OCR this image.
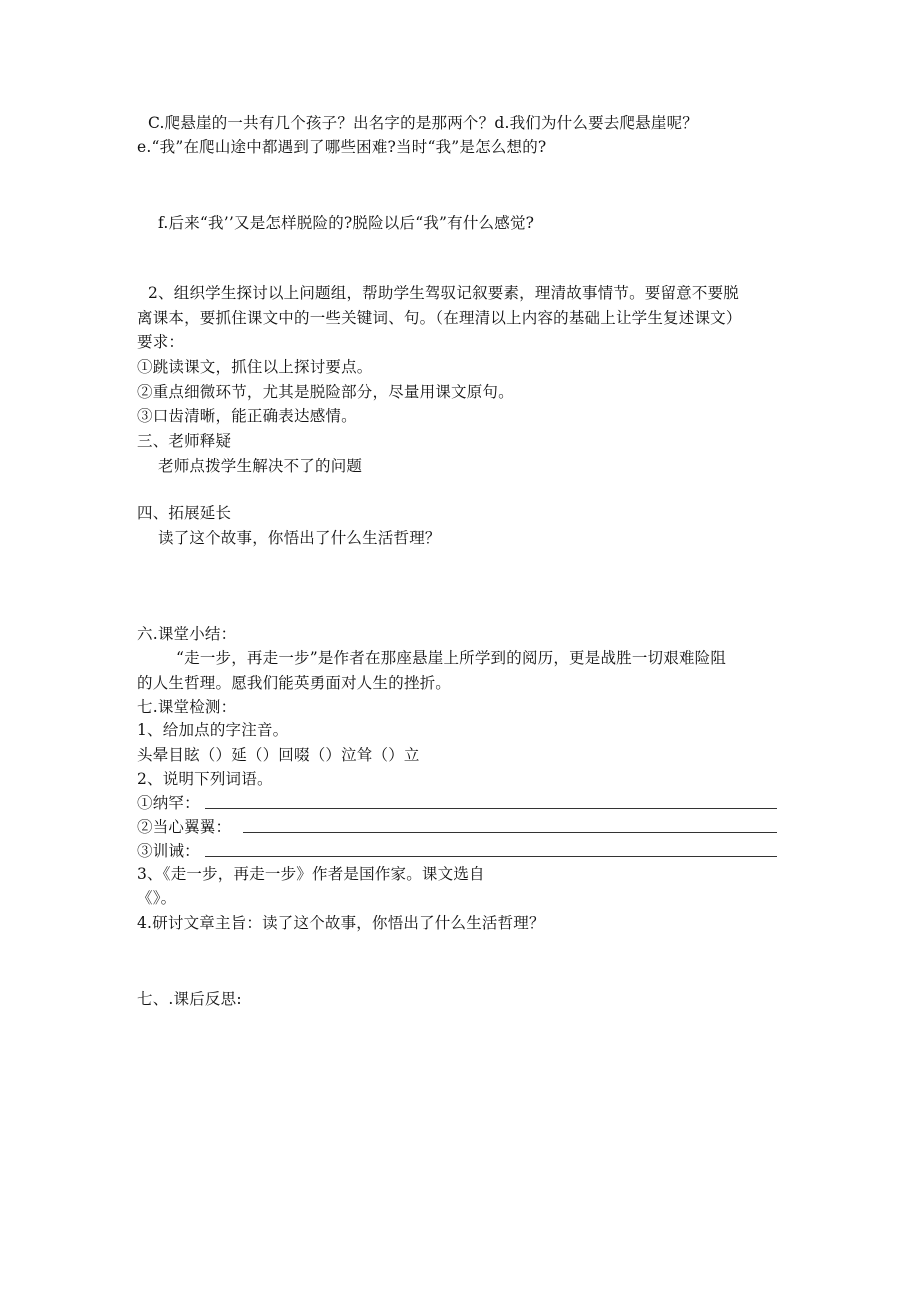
C.爬悬崖的一共有几个孩子？出名字的是那两个？d.我们为什么要去爬悬崖呢？
e.“我”在爬山途中都遇到了哪些困难?当时“我”是怎么想的?
f.后来“我’’又是怎样脱险的?脱险以后“我”有什么感觉?
2、组织学生探讨以上问题组，帮助学生驾驭记叙要素，理清故事情节。要留意不要脱
离课本，要抓住课文中的一些关键词、句。（在理清以上内容的基础上让学生复述课文）
要求：
①跳读课文，抓住以上探讨要点。
②重点细微环节，尤其是脱险部分，尽量用课文原句。
③口齿清晰，能正确表达感情。
三、老师释疑
老师点拨学生解决不了的问题
四、拓展延长
读了这个故事，你悟出了什么生活哲理？
六.课堂小结：
“走一步，再走一步”是作者在那座悬崖上所学到的阅历，更是战胜一切艰难险阻
的人生哲理。愿我们能英勇面对人生的挫折。
七.课堂检测：
1、给加点的字注音。
头晕目眩（）延（）回啜（）泣耸（）立
2、说明下列词语。
①纳罕：
②当心翼翼：
③训诫：
3、《走一步，再走一步》作者是国作家。课文选自
《》。
4.研讨文章主旨：读了这个故事，你悟出了什么生活哲理？
七、.课后反思:
